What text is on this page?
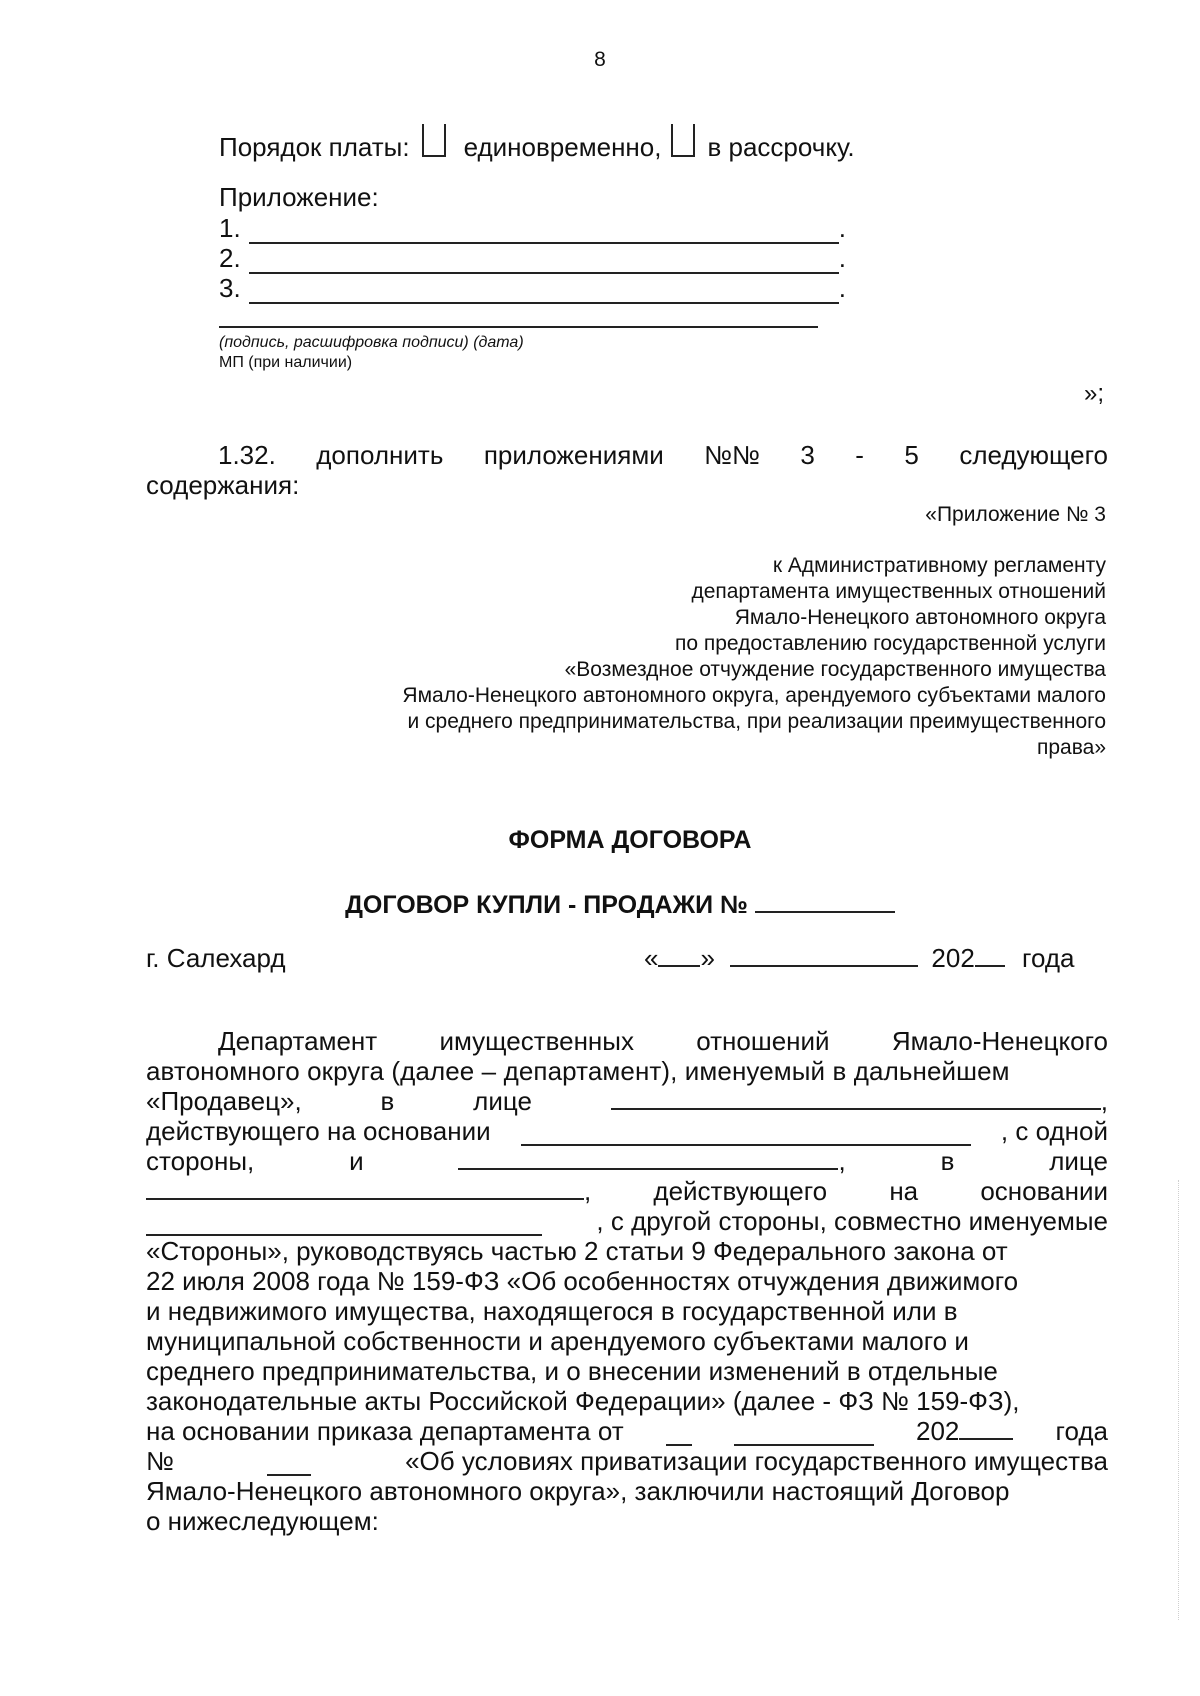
8
Порядок платы: единовременно, в рассрочку.
Приложение:
1.	.
2.	.
3.	.
(подпись, расшифровка подписи) (дата)
МП (при наличии)
»;
1.32. дополнить приложениями №№ 3 - 5 следующего
содержания:
«Приложение № 3
к Административному регламенту
департамента имущественных отношений
Ямало-Ненецкого автономного округа
по предоставлению государственной услуги
«Возмездное отчуждение государственного имущества
Ямало-Ненецкого автономного округа, арендуемого субъектами малого
и среднего предпринимательства, при реализации преимущественного
права»
ФОРМА ДОГОВОРА
ДОГОВОР КУПЛИ - ПРОДАЖИ №
г. Салехард	« »	202 года
Департамент имущественных отношений Ямало-Ненецкого
автономного округа (далее – департамент), именуемый в дальнейшем
«Продавец»,	в	лице	,
действующего на основании	, с одной
стороны,	и	,	в	лице
, действующего на основании
, с другой стороны, совместно именуемые
«Стороны», руководствуясь частью 2 статьи 9 Федерального закона от
22 июля 2008 года № 159-ФЗ «Об особенностях отчуждения движимого
и недвижимого имущества, находящегося в государственной или в
муниципальной собственности и арендуемого субъектами малого и
среднего предпринимательства, и о внесении изменений в отдельные
законодательные акты Российской Федерации» (далее - ФЗ № 159-ФЗ),
на основании приказа департамента от	202	года
№	«Об условиях приватизации государственного имущества
Ямало-Ненецкого автономного округа», заключили настоящий Договор
о нижеследующем:
